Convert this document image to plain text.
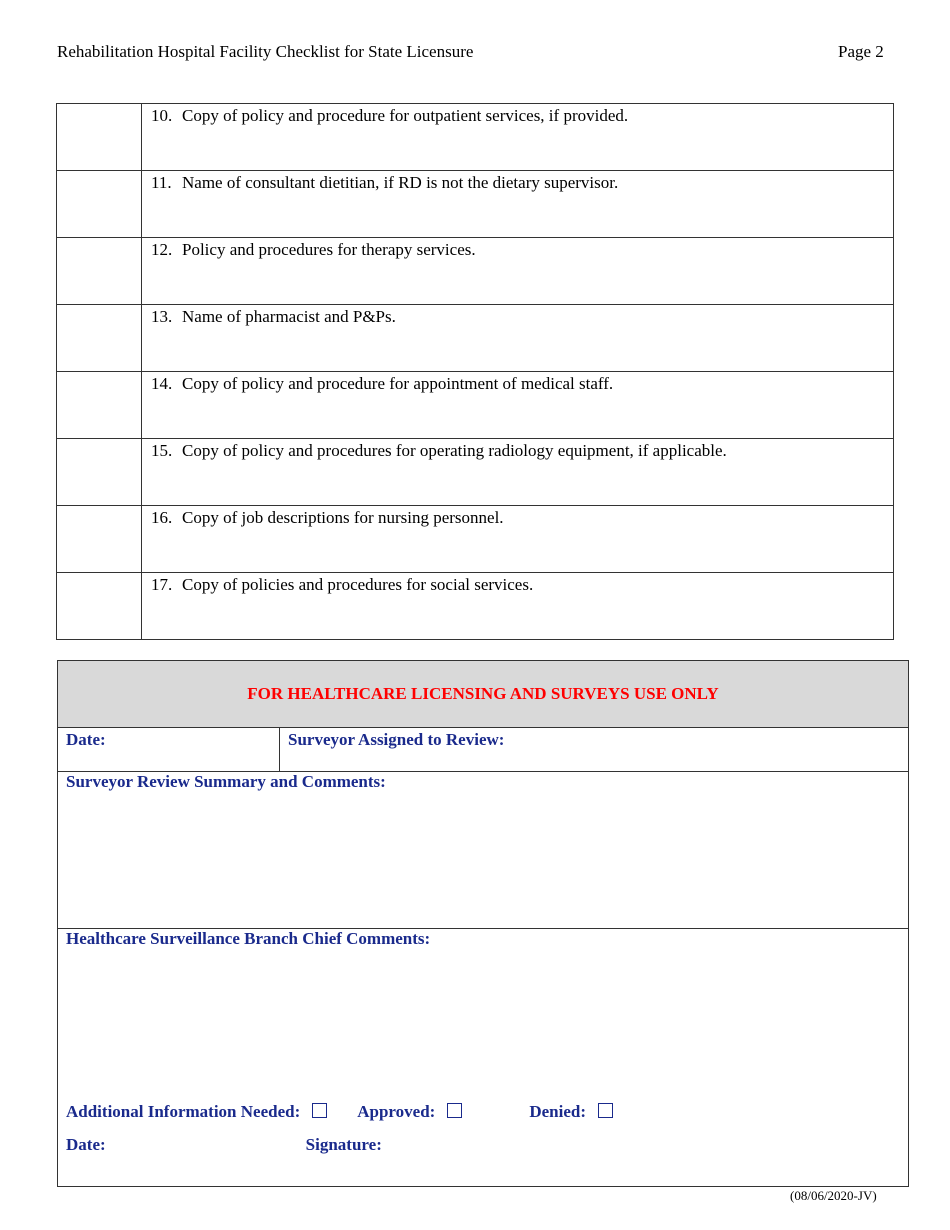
Rehabilitation Hospital Facility Checklist for State Licensure	Page 2
	10. Copy of policy and procedure for outpatient services, if provided.
	11. Name of consultant dietitian, if RD is not the dietary supervisor.
	12. Policy and procedures for therapy services.
	13. Name of pharmacist and P&Ps.
	14. Copy of policy and procedure for appointment of medical staff.
	15. Copy of policy and procedures for operating radiology equipment, if applicable.
	16. Copy of job descriptions for nursing personnel.
	17. Copy of policies and procedures for social services.
FOR HEALTHCARE LICENSING AND SURVEYS USE ONLY
Date:	Surveyor Assigned to Review:
Surveyor Review Summary and Comments:
Healthcare Surveillance Branch Chief Comments:
Additional Information Needed:	Approved:	Denied:
Date:	Signature:
(08/06/2020-JV)
